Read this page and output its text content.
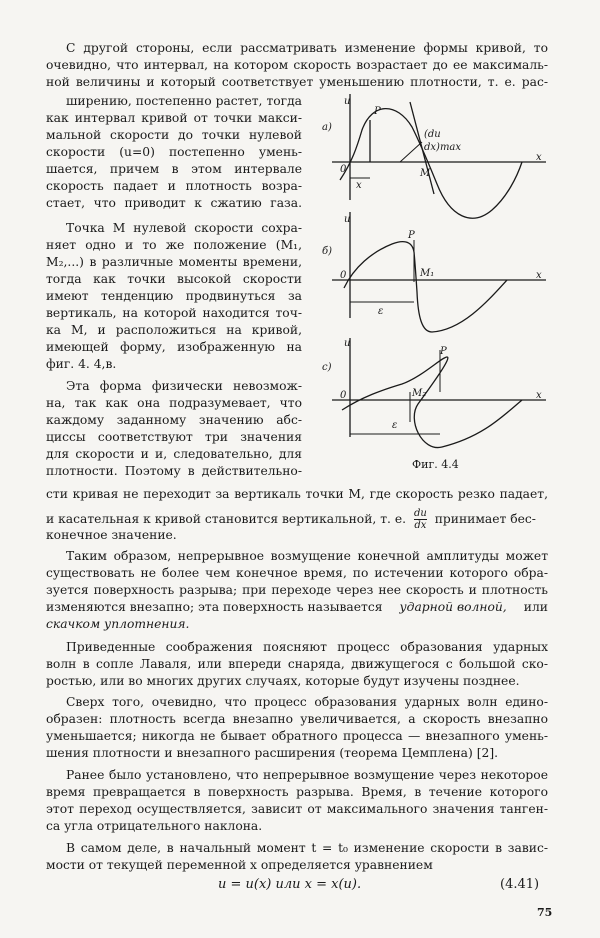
С другой стороны, если рассматривать изменение формы кривой, то
очевидно, что интервал, на котором скорость возрастает до ее максималь-
ной величины и который соответствует уменьшению плотности, т. е. рас-
ширению, постепенно растет, тогда
как интервал кривой от точки макси-
мальной скорости до точки нулевой
скорости (u=0) постепенно умень-
шается, причем в этом интервале
скорость падает и плотность возра-
стает, что приводит к сжатию газа.
Точка M нулевой скорости сохра-
няет одно и то же положение (M₁,
M₂,...) в различные моменты времени,
тогда как точки высокой скорости
имеют тенденцию продвинуться за
вертикаль, на которой находится точ-
ка M, и расположиться на кривой,
имеющей форму, изображенную на
фиг. 4. 4,в.
Эта форма физически невозмож-
на, так как она подразумевает, что
каждому заданному значению абс-
циссы соответствуют три значения
для скорости и и, следовательно, для
плотности. Поэтому в действительно-
u
а)
P
(du
dx)max
0	M
x
x
u
б)
P
0	M₁
ε
x
u
с)
P
0	M₂
ε
x
Фиг. 4.4
сти кривая не переходит за вертикаль точки M, где скорость резко падает,
и касательная к кривой становится вертикальной, т. е. $\frac{du}{dx}$ принимает бес-
конечное значение.
Таким образом, непрерывное возмущение конечной амплитуды может
существовать не более чем конечное время, по истечении которого обра-
зуется поверхность разрыва; при переходе через нее скорость и плотность
изменяются внезапно; эта поверхность называется ударной волной, или
скачком уплотнения.
Приведенные соображения поясняют процесс образования ударных
волн в сопле Лаваля, или впереди снаряда, движущегося с большой ско-
ростью, или во многих других случаях, которые будут изучены позднее.
Сверх того, очевидно, что процесс образования ударных волн едино-
образен: плотность всегда внезапно увеличивается, а скорость внезапно
уменьшается; никогда не бывает обратного процесса — внезапного умень-
шения плотности и внезапного расширения (теорема Цемплена) [2].
Ранее было установлено, что непрерывное возмущение через некоторое
время превращается в поверхность разрыва. Время, в течение которого
этот переход осуществляется, зависит от максимального значения танген-
са угла отрицательного наклона.
В самом деле, в начальный момент t = t₀ изменение скорости в завис-
мости от текущей переменной x определяется уравнением
u = u(x) или x = x(u).	(4.41)
75
